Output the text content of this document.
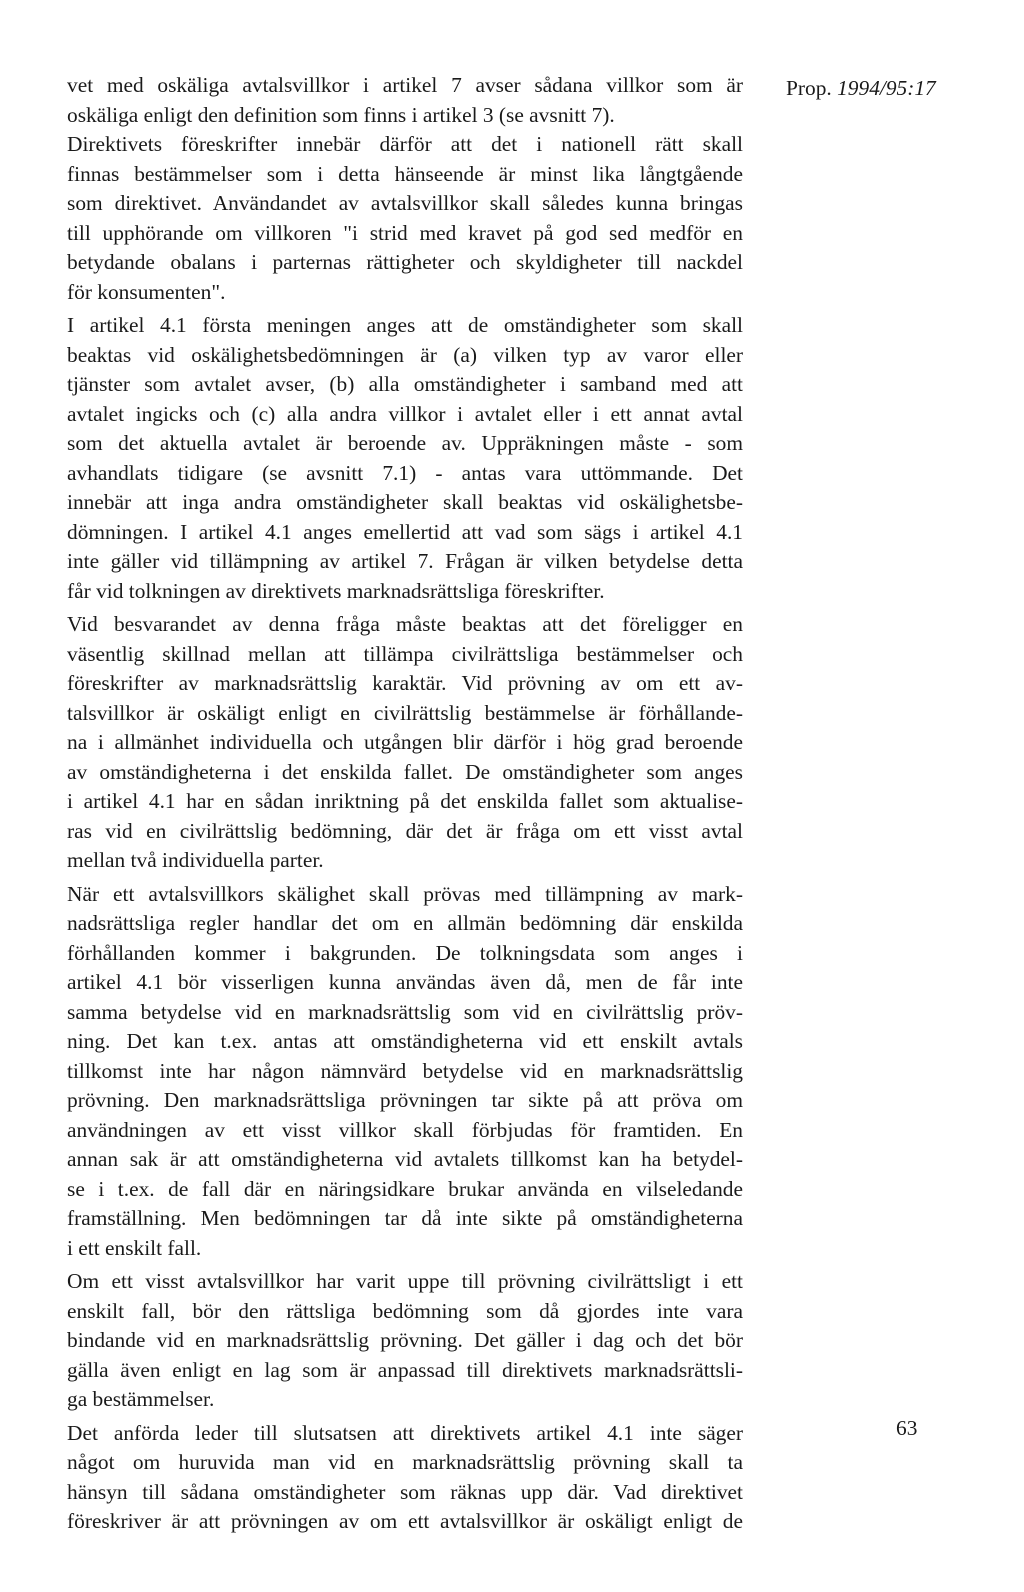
Prop. 1994/95:17
vet med oskäliga avtalsvillkor i artikel 7 avser sådana villkor som är
oskäliga enligt den definition som finns i artikel 3 (se avsnitt 7).
Direktivets föreskrifter innebär därför att det i nationell rätt skall
finnas bestämmelser som i detta hänseende är minst lika långtgående
som direktivet. Användandet av avtalsvillkor skall således kunna bringas
till upphörande om villkoren "i strid med kravet på god sed medför en
betydande obalans i parternas rättigheter och skyldigheter till nackdel
för konsumenten".
I artikel 4.1 första meningen anges att de omständigheter som skall
beaktas vid oskälighetsbedömningen är (a) vilken typ av varor eller
tjänster som avtalet avser, (b) alla omständigheter i samband med att
avtalet ingicks och (c) alla andra villkor i avtalet eller i ett annat avtal
som det aktuella avtalet är beroende av. Uppräkningen måste - som
avhandlats tidigare (se avsnitt 7.1) - antas vara uttömmande. Det
innebär att inga andra omständigheter skall beaktas vid oskälighetsbe-
dömningen. I artikel 4.1 anges emellertid att vad som sägs i artikel 4.1
inte gäller vid tillämpning av artikel 7. Frågan är vilken betydelse detta
får vid tolkningen av direktivets marknadsrättsliga föreskrifter.
Vid besvarandet av denna fråga måste beaktas att det föreligger en
väsentlig skillnad mellan att tillämpa civilrättsliga bestämmelser och
föreskrifter av marknadsrättslig karaktär. Vid prövning av om ett av-
talsvillkor är oskäligt enligt en civilrättslig bestämmelse är förhållande-
na i allmänhet individuella och utgången blir därför i hög grad beroende
av omständigheterna i det enskilda fallet. De omständigheter som anges
i artikel 4.1 har en sådan inriktning på det enskilda fallet som aktualise-
ras vid en civilrättslig bedömning, där det är fråga om ett visst avtal
mellan två individuella parter.
När ett avtalsvillkors skälighet skall prövas med tillämpning av mark-
nadsrättsliga regler handlar det om en allmän bedömning där enskilda
förhållanden kommer i bakgrunden. De tolkningsdata som anges i
artikel 4.1 bör visserligen kunna användas även då, men de får inte
samma betydelse vid en marknadsrättslig som vid en civilrättslig pröv-
ning. Det kan t.ex. antas att omständigheterna vid ett enskilt avtals
tillkomst inte har någon nämnvärd betydelse vid en marknadsrättslig
prövning. Den marknadsrättsliga prövningen tar sikte på att pröva om
användningen av ett visst villkor skall förbjudas för framtiden. En
annan sak är att omständigheterna vid avtalets tillkomst kan ha betydel-
se i t.ex. de fall där en näringsidkare brukar använda en vilseledande
framställning. Men bedömningen tar då inte sikte på omständigheterna
i ett enskilt fall.
Om ett visst avtalsvillkor har varit uppe till prövning civilrättsligt i ett
enskilt fall, bör den rättsliga bedömning som då gjordes inte vara
bindande vid en marknadsrättslig prövning. Det gäller i dag och det bör
gälla även enligt en lag som är anpassad till direktivets marknadsrättsli-
ga bestämmelser.
Det anförda leder till slutsatsen att direktivets artikel 4.1 inte säger
något om huruvida man vid en marknadsrättslig prövning skall ta
hänsyn till sådana omständigheter som räknas upp där. Vad direktivet
föreskriver är att prövningen av om ett avtalsvillkor är oskäligt enligt de
63
